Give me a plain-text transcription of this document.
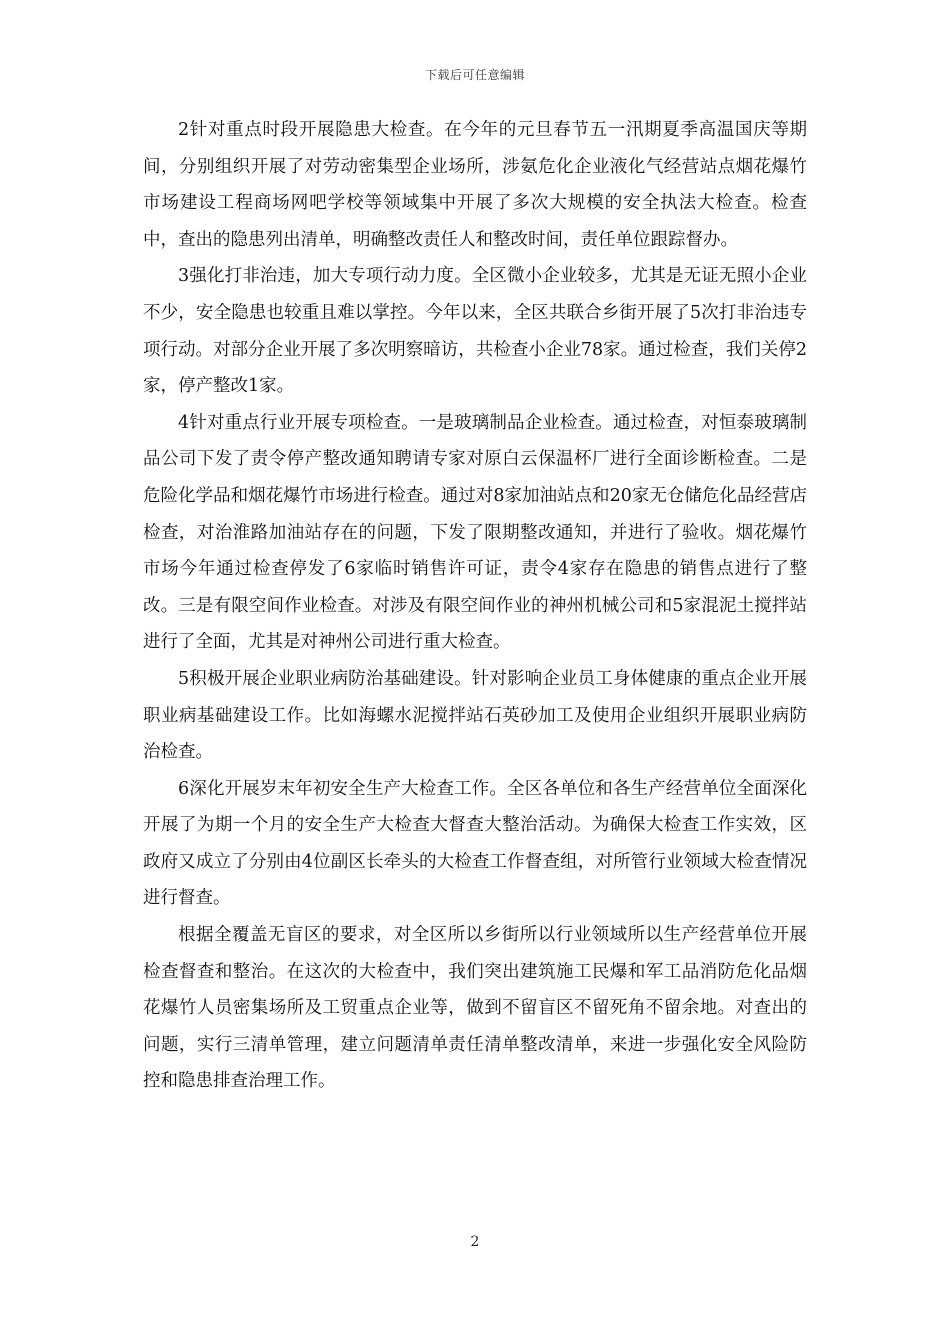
下载后可任意编辑

2针对重点时段开展隐患大检查。在今年的元旦春节五一汛期夏季高温国庆等期间，分别组织开展了对劳动密集型企业场所，涉氨危化企业液化气经营站点烟花爆竹市场建设工程商场网吧学校等领域集中开展了多次大规模的安全执法大检查。检查中，查出的隐患列出清单，明确整改责任人和整改时间，责任单位跟踪督办。

3强化打非治违，加大专项行动力度。全区微小企业较多，尤其是无证无照小企业不少，安全隐患也较重且难以掌控。今年以来，全区共联合乡街开展了5次打非治违专项行动。对部分企业开展了多次明察暗访，共检查小企业78家。通过检查，我们关停2家，停产整改1家。

4针对重点行业开展专项检查。一是玻璃制品企业检查。通过检查，对恒泰玻璃制品公司下发了责令停产整改通知聘请专家对原白云保温杯厂进行全面诊断检查。二是危险化学品和烟花爆竹市场进行检查。通过对8家加油站点和20家无仓储危化品经营店检查，对治淮路加油站存在的问题，下发了限期整改通知，并进行了验收。烟花爆竹市场今年通过检查停发了6家临时销售许可证，责令4家存在隐患的销售点进行了整改。三是有限空间作业检查。对涉及有限空间作业的神州机械公司和5家混泥土搅拌站进行了全面，尤其是对神州公司进行重大检查。

5积极开展企业职业病防治基础建设。针对影响企业员工身体健康的重点企业开展职业病基础建设工作。比如海螺水泥搅拌站石英砂加工及使用企业组织开展职业病防治检查。

6深化开展岁末年初安全生产大检查工作。全区各单位和各生产经营单位全面深化开展了为期一个月的安全生产大检查大督查大整治活动。为确保大检查工作实效，区政府又成立了分别由4位副区长牵头的大检查工作督查组，对所管行业领域大检查情况进行督查。

根据全覆盖无盲区的要求，对全区所以乡街所以行业领域所以生产经营单位开展检查督查和整治。在这次的大检查中，我们突出建筑施工民爆和军工品消防危化品烟花爆竹人员密集场所及工贸重点企业等，做到不留盲区不留死角不留余地。对查出的问题，实行三清单管理，建立问题清单责任清单整改清单，来进一步强化安全风险防控和隐患排查治理工作。

2
